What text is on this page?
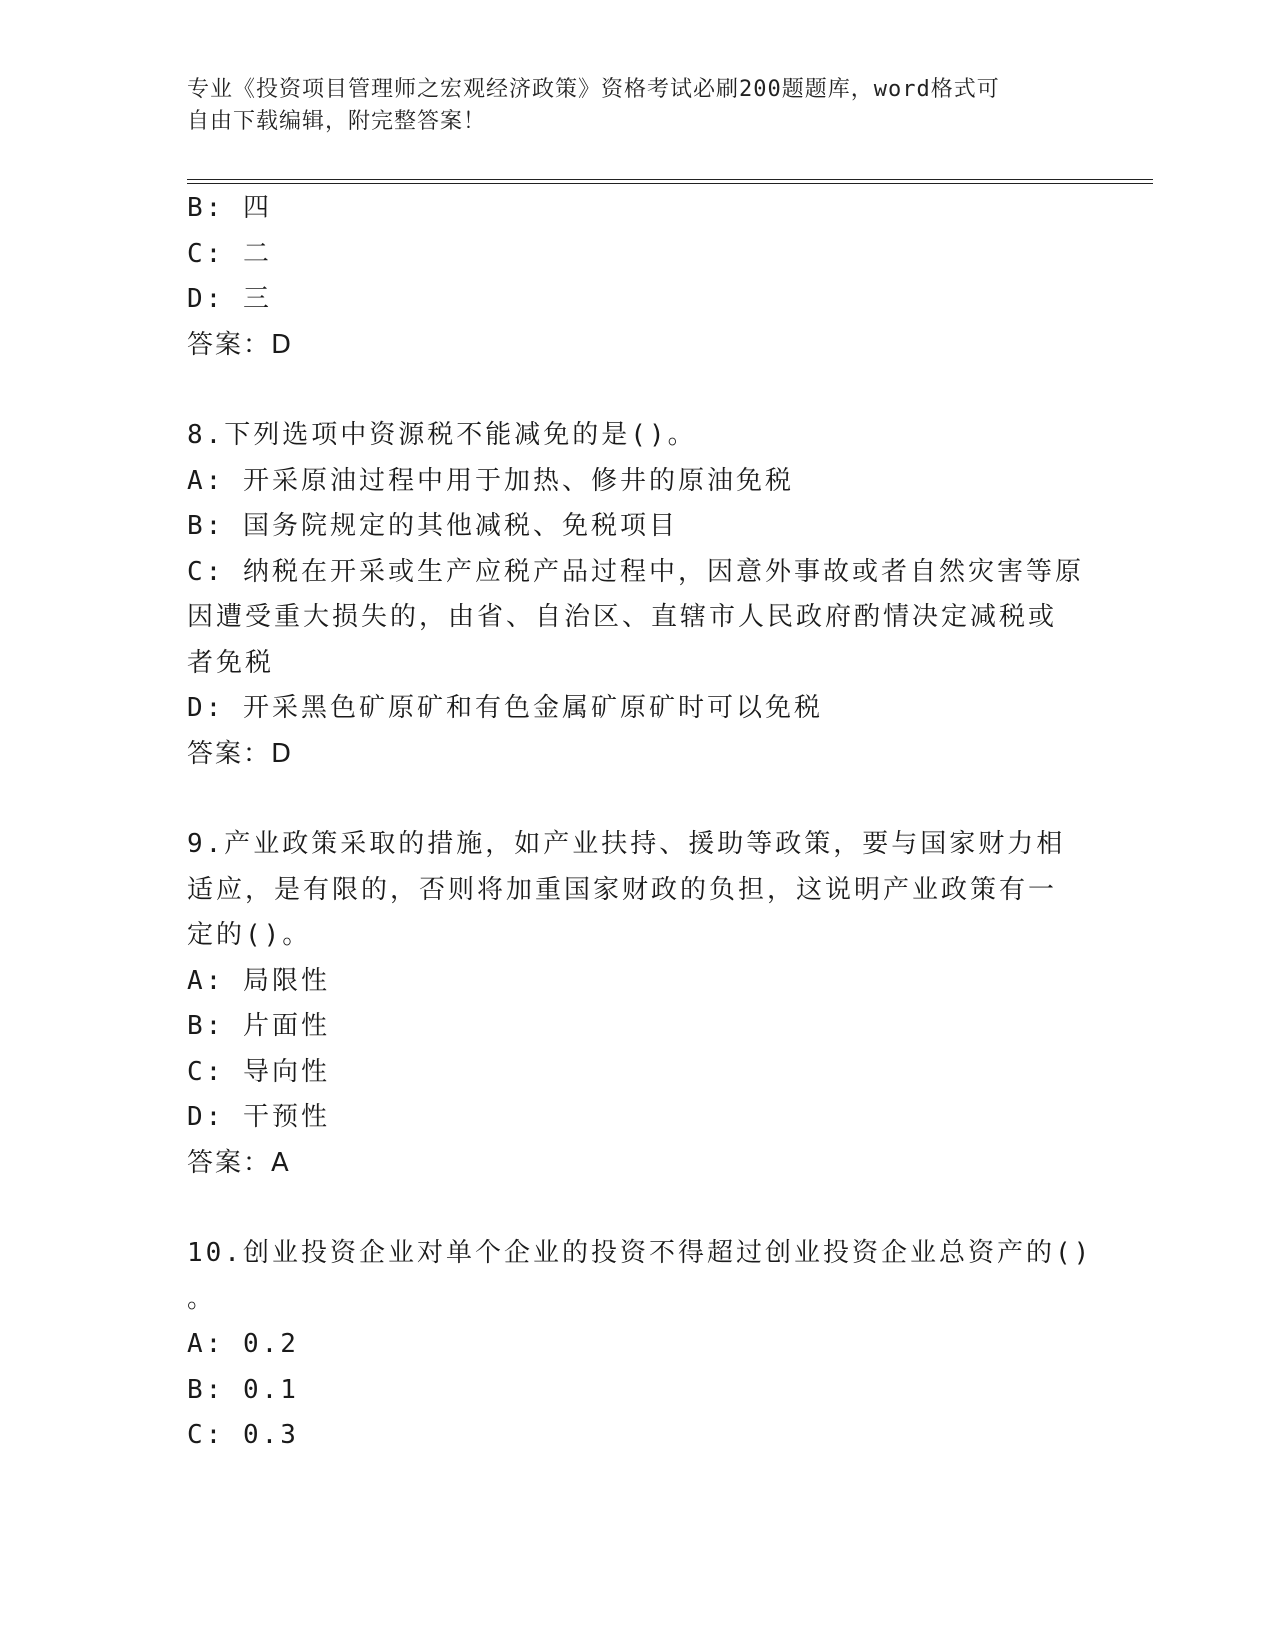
专业《投资项目管理师之宏观经济政策》资格考试必刷200题题库，word格式可
自由下载编辑，附完整答案！
B: 四
C: 二
D: 三
答案：D
8.下列选项中资源税不能减免的是()。
A: 开采原油过程中用于加热、修井的原油免税
B: 国务院规定的其他减税、免税项目
C: 纳税在开采或生产应税产品过程中，因意外事故或者自然灾害等原
因遭受重大损失的，由省、自治区、直辖市人民政府酌情决定减税或
者免税
D: 开采黑色矿原矿和有色金属矿原矿时可以免税
答案：D
9.产业政策采取的措施，如产业扶持、援助等政策，要与国家财力相
适应，是有限的，否则将加重国家财政的负担，这说明产业政策有一
定的()。
A: 局限性
B: 片面性
C: 导向性
D: 干预性
答案：A
10.创业投资企业对单个企业的投资不得超过创业投资企业总资产的()
。
A: 0.2
B: 0.1
C: 0.3
